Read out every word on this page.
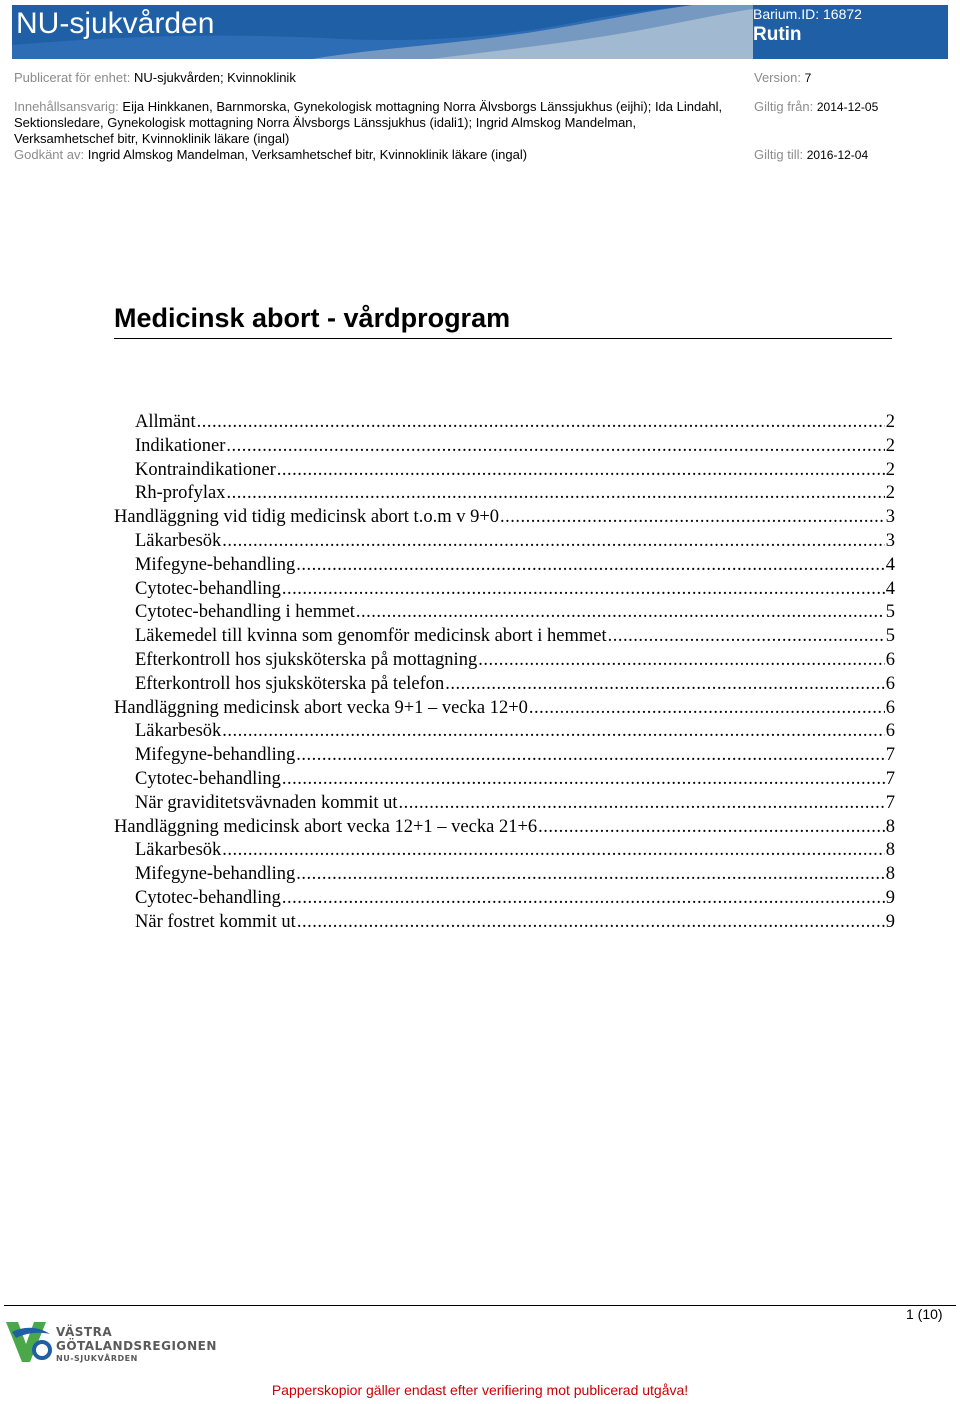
NU-sjukvården	Barium.ID: 16872
Rutin
Publicerat för enhet: NU-sjukvården; Kvinnoklinik
Innehållsansvarig: Eija Hinkkanen, Barnmorska, Gynekologisk mottagning Norra Älvsborgs Länssjukhus (eijhi); Ida Lindahl, Sektionsledare, Gynekologisk mottagning Norra Älvsborgs Länssjukhus (idali1); Ingrid Almskog Mandelman, Verksamhetschef bitr, Kvinnoklinik läkare (ingal)
Godkänt av: Ingrid Almskog Mandelman, Verksamhetschef bitr, Kvinnoklinik läkare (ingal)
Version: 7
Giltig från: 2014-12-05
Giltig till: 2016-12-04
Medicinsk abort - vårdprogram
Allmänt .....	2
Indikationer .....	2
Kontraindikationer .....	2
Rh-profylax .....	2
Handläggning vid tidig medicinsk abort t.o.m v 9+0 .....	3
Läkarbesök .....	3
Mifegyne-behandling .....	4
Cytotec-behandling .....	4
Cytotec-behandling i hemmet .....	5
Läkemedel till kvinna som genomför medicinsk abort i hemmet .....	5
Efterkontroll hos sjuksköterska på mottagning .....	6
Efterkontroll hos sjuksköterska på telefon .....	6
Handläggning medicinsk abort vecka 9+1 – vecka 12+0 .....	6
Läkarbesök .....	6
Mifegyne-behandling .....	7
Cytotec-behandling .....	7
När graviditetsvävnaden kommit ut .....	7
Handläggning medicinsk abort vecka 12+1 – vecka 21+6 .....	8
Läkarbesök .....	8
Mifegyne-behandling .....	8
Cytotec-behandling .....	9
När fostret kommit ut .....	9
1 (10)
VÄSTRA
GÖTALANDSREGIONEN
NU-SJUKVÅRDEN
Papperskopior gäller endast efter verifiering mot publicerad utgåva!
